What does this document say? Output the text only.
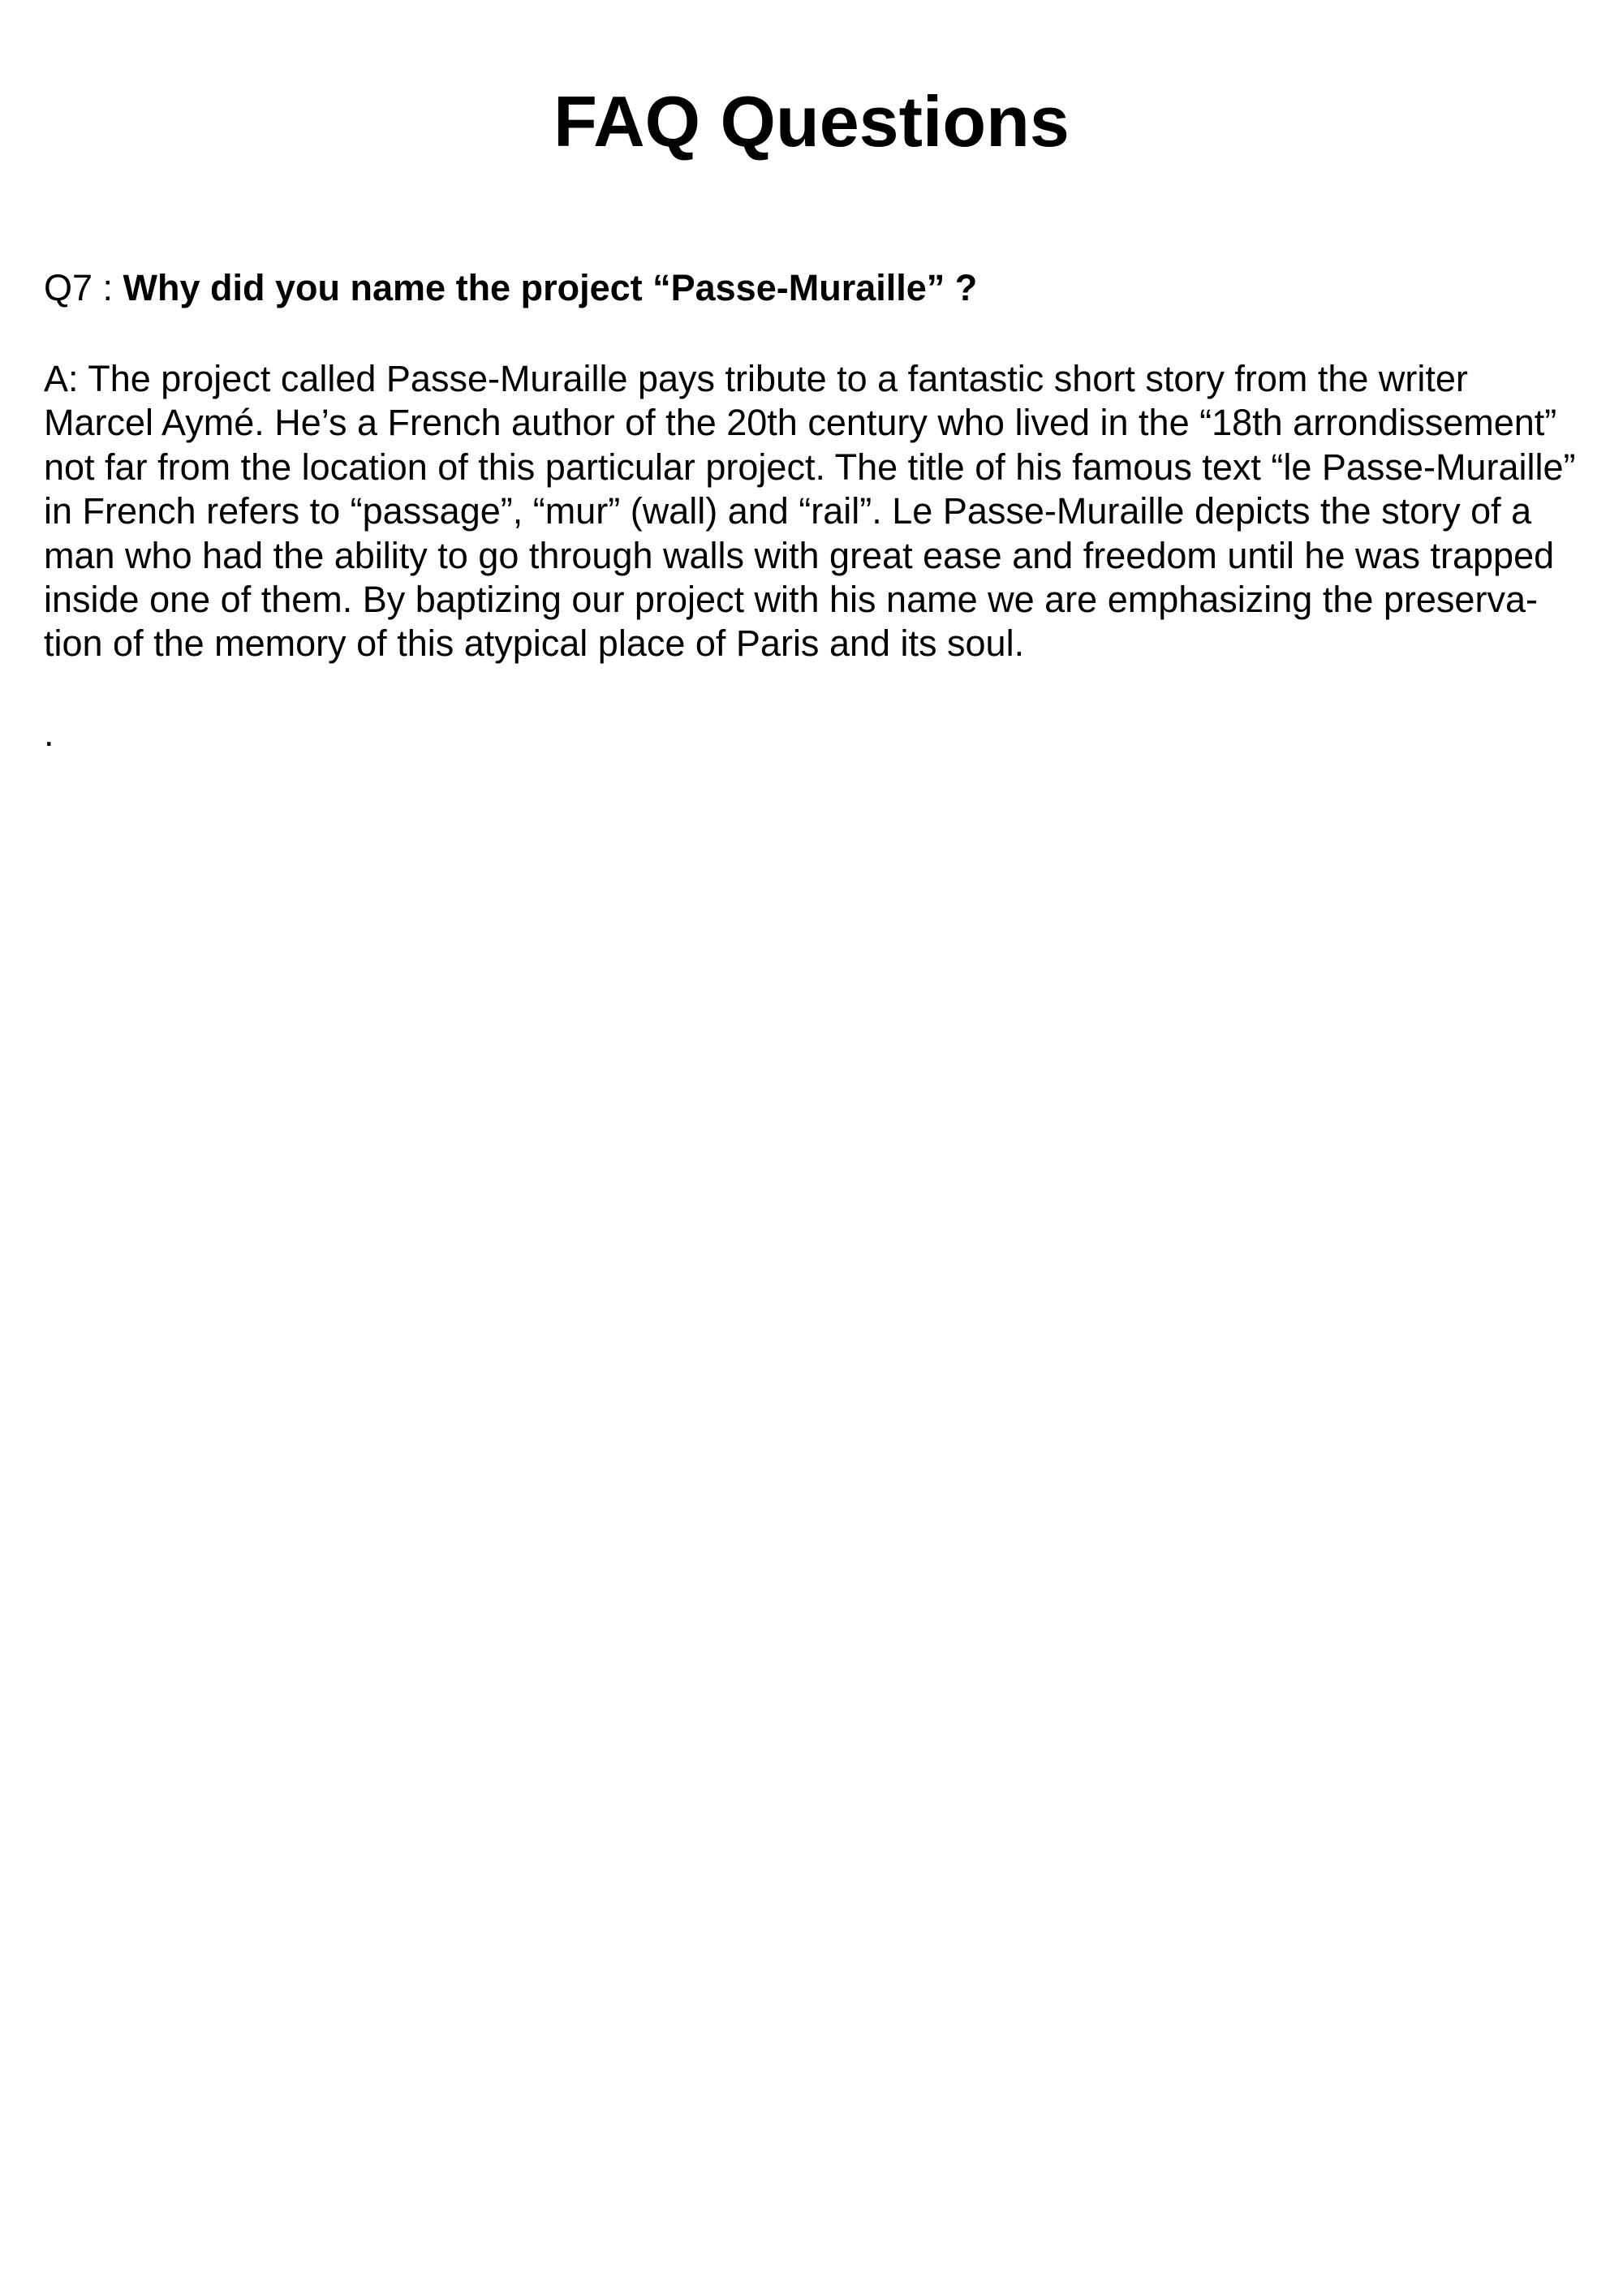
FAQ Questions

Q7 : Why did you name the project “Passe-Muraille” ?

A: The project called Passe-Muraille pays tribute to a fantastic short story from the writer
Marcel Aymé. He’s a French author of the 20th century who lived in the “18th arrondissement”
not far from the location of this particular project. The title of his famous text “le Passe-Muraille”
in French refers to “passage”, “mur” (wall) and “rail”. Le Passe-Muraille depicts the story of a
man who had the ability to go through walls with great ease and freedom until he was trapped
inside one of them. By baptizing our project with his name we are emphasizing the preserva-
tion of the memory of this atypical place of Paris and its soul.

.
